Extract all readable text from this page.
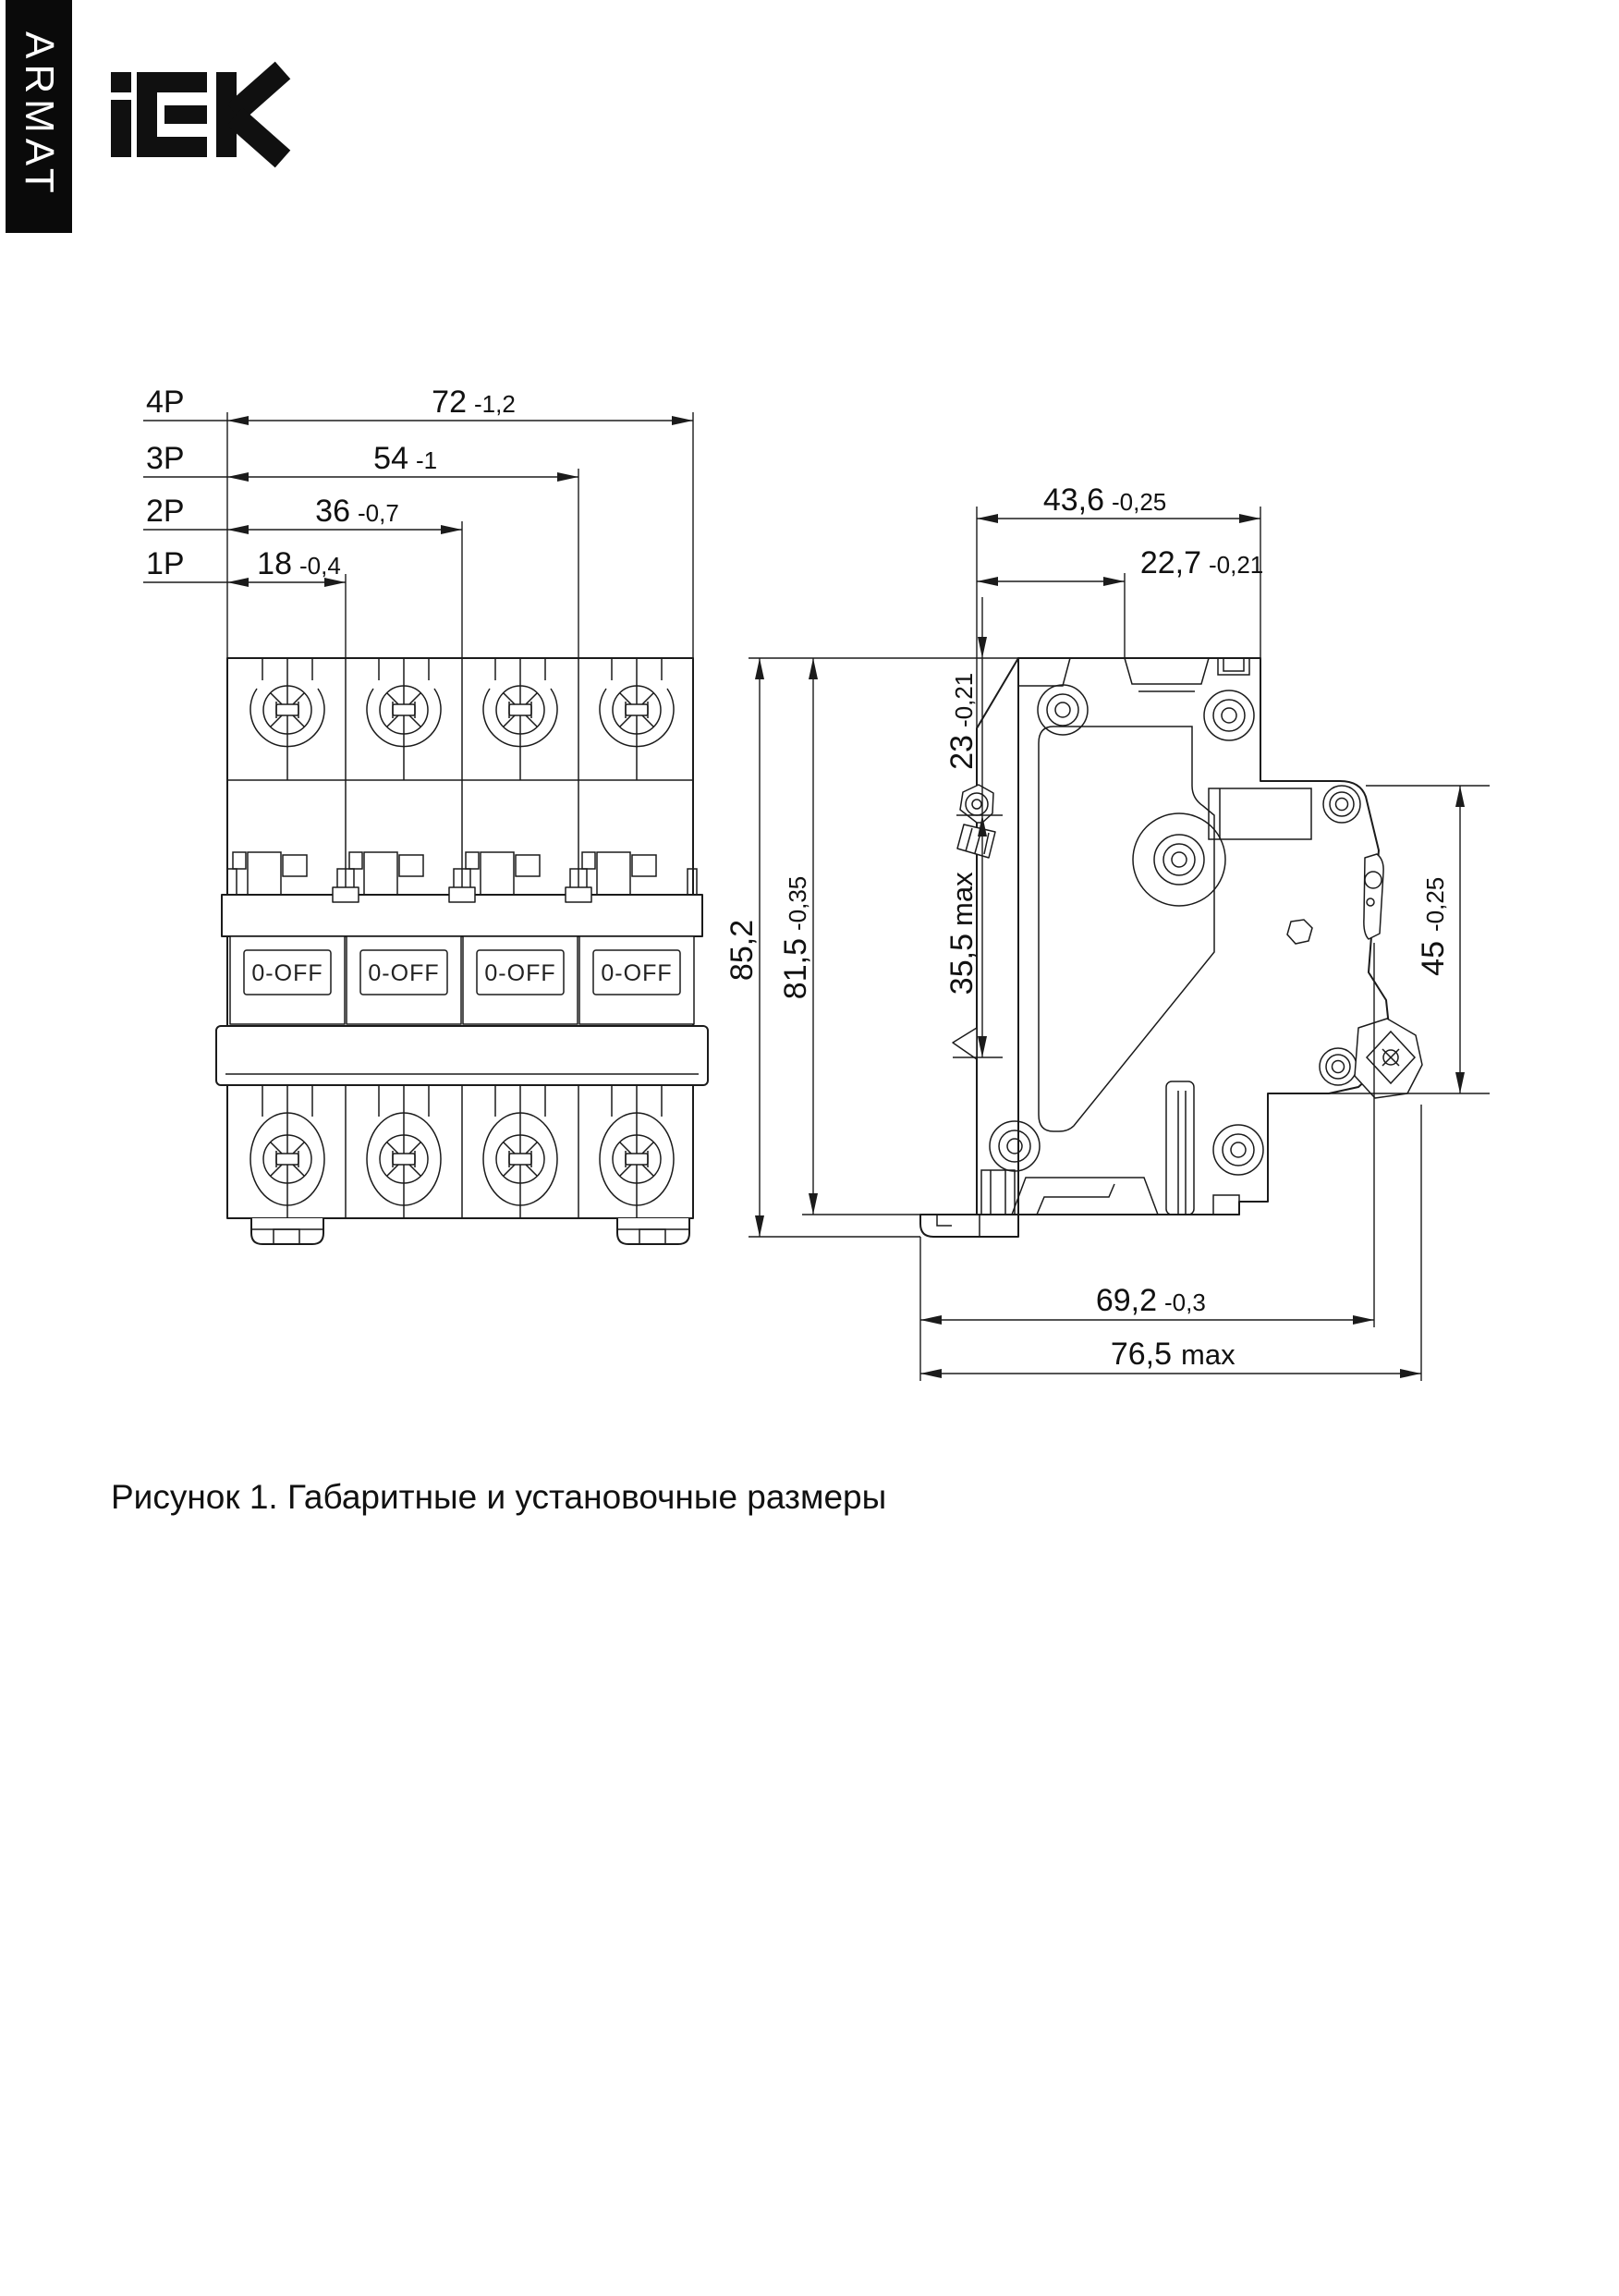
ARMAT
4P	72 -1,2
3P	54 -1
2P	36 -0,7
1P 18 -0,4
0-OFF 0-OFF 0-OFF 0-OFF
43,6 -0,25
22,7 -0,21
23
-0,21
35,5
max
81,5
-0,35
85,2	45
-0,25
69,2 -0,3
76,5 max
Рисунок 1. Габаритные и установочные размеры
